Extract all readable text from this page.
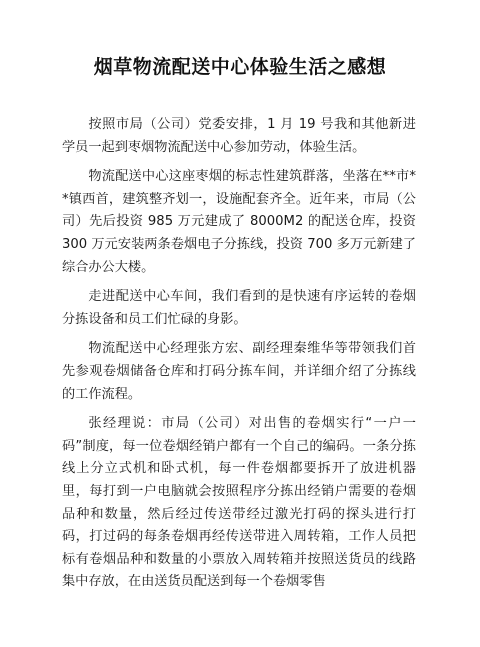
烟草物流配送中心体验生活之感想

按照市局（公司）党委安排，1 月 19 号我和其他新进学员一起到枣烟物流配送中心参加劳动，体验生活。

物流配送中心这座枣烟的标志性建筑群落，坐落在**市**镇西首，建筑整齐划一，设施配套齐全。近年来，市局（公司）先后投资 985 万元建成了 8000M2 的配送仓库，投资 300 万元安装两条卷烟电子分拣线，投资 700 多万元新建了综合办公大楼。

走进配送中心车间，我们看到的是快速有序运转的卷烟分拣设备和员工们忙碌的身影。

物流配送中心经理张方宏、副经理秦维华等带领我们首先参观卷烟储备仓库和打码分拣车间，并详细介绍了分拣线的工作流程。

张经理说：市局（公司）对出售的卷烟实行“一户一码”制度，每一位卷烟经销户都有一个自己的编码。一条分拣线上分立式机和卧式机，每一件卷烟都要拆开了放进机器里，每打到一户电脑就会按照程序分拣出经销户需要的卷烟品种和数量，然后经过传送带经过激光打码的探头进行打码，打过码的每条卷烟再经传送带进入周转箱，工作人员把标有卷烟品种和数量的小票放入周转箱并按照送货员的线路集中存放，在由送货员配送到每一个卷烟零售
